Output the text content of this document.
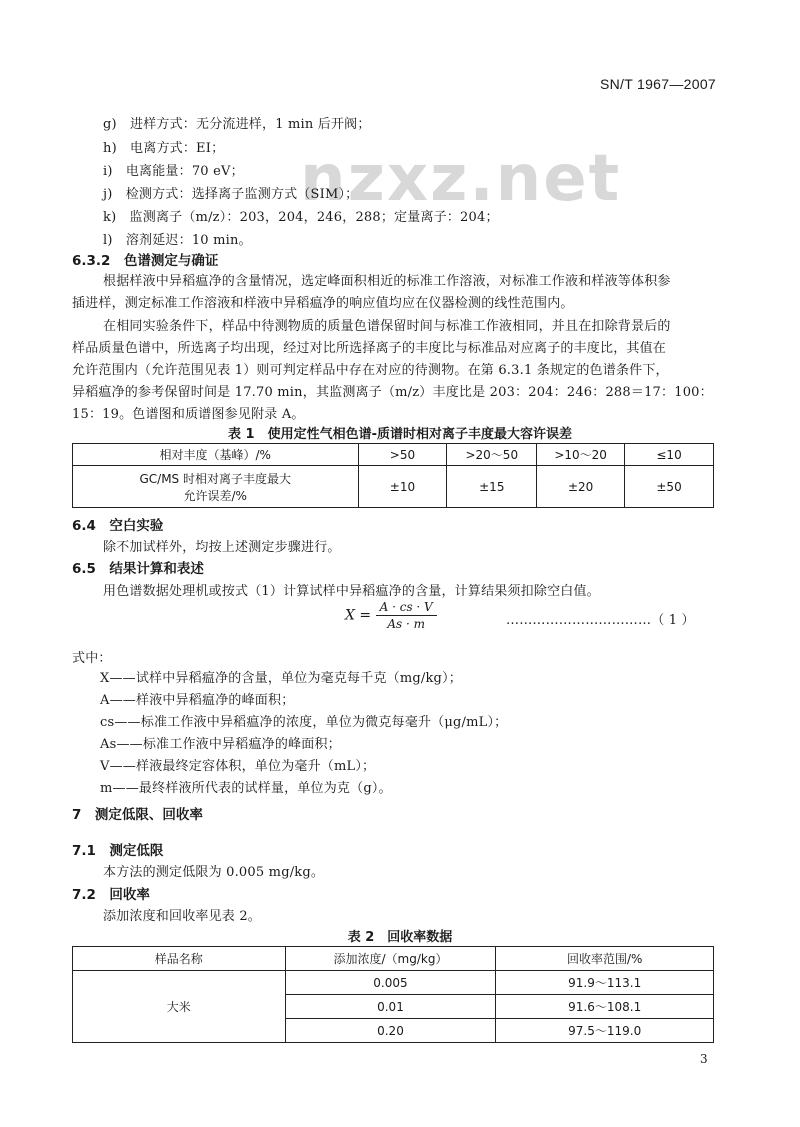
SN/T 1967—2007
nzxz.net
g)　进样方式：无分流进样，1 min 后开阀；
h)　电离方式：EI；
i)　电离能量：70 eV；
j)　检测方式：选择离子监测方式（SIM）；
k)　监测离子（m/z）：203，204，246，288；定量离子：204；
l)　溶剂延迟：10 min。
6.3.2　色谱测定与确证
根据样液中异稻瘟净的含量情况，选定峰面积相近的标准工作溶液，对标准工作液和样液等体积参
插进样，测定标准工作溶液和样液中异稻瘟净的响应值均应在仪器检测的线性范围内。
在相同实验条件下，样品中待测物质的质量色谱保留时间与标准工作液相同，并且在扣除背景后的
样品质量色谱中，所选离子均出现，经过对比所选择离子的丰度比与标准品对应离子的丰度比，其值在
允许范围内（允许范围见表 1）则可判定样品中存在对应的待测物。在第 6.3.1 条规定的色谱条件下，
异稻瘟净的参考保留时间是 17.70 min，其监测离子（m/z）丰度比是 203：204：246：288＝17：100：
15：19。色谱图和质谱图参见附录 A。
表 1　使用定性气相色谱-质谱时相对离子丰度最大容许误差
相对丰度（基峰）/%	>50	>20～50	>10～20	≤10

GC/MS 时相对离子丰度最大
允许误差/%	±10	±15	±20	±50
6.4　空白实验
除不加试样外，均按上述测定步骤进行。
6.5　结果计算和表述
用色谱数据处理机或按式（1）计算试样中异稻瘟净的含量，计算结果须扣除空白值。
$X = \frac{A \cdot cs \cdot V}{As \cdot m}$	……………………………（ 1 ）
式中：
X——试样中异稻瘟净的含量，单位为毫克每千克（mg/kg）；
A——样液中异稻瘟净的峰面积；
cs——标准工作液中异稻瘟净的浓度，单位为微克每毫升（μg/mL）；
As——标准工作液中异稻瘟净的峰面积；
V——样液最终定容体积，单位为毫升（mL）；
m——最终样液所代表的试样量，单位为克（g）。
7　测定低限、回收率
7.1　测定低限
本方法的测定低限为 0.005 mg/kg。
7.2　回收率
添加浓度和回收率见表 2。
表 2　回收率数据
样品名称	添加浓度/（mg/kg）	回收率范围/%
大米	0.005	91.9～113.1
	0.01	91.6～108.1
	0.20	97.5～119.0
3
